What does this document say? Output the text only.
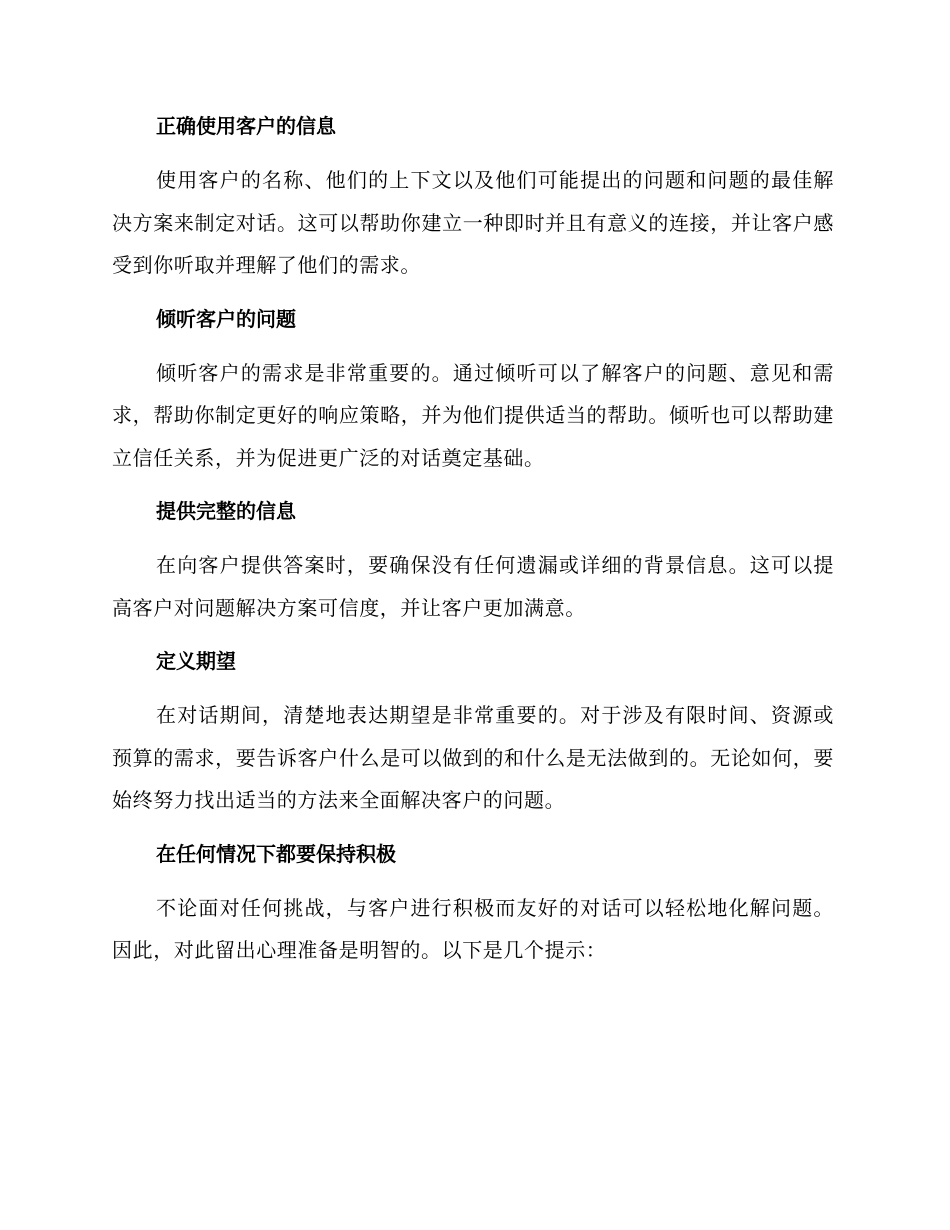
正确使用客户的信息

使用客户的名称、他们的上下文以及他们可能提出的问题和问题的最佳解决方案来制定对话。这可以帮助你建立一种即时并且有意义的连接，并让客户感受到你听取并理解了他们的需求。

倾听客户的问题

倾听客户的需求是非常重要的。通过倾听可以了解客户的问题、意见和需求，帮助你制定更好的响应策略，并为他们提供适当的帮助。倾听也可以帮助建立信任关系，并为促进更广泛的对话奠定基础。

提供完整的信息

在向客户提供答案时，要确保没有任何遗漏或详细的背景信息。这可以提高客户对问题解决方案可信度，并让客户更加满意。

定义期望

在对话期间，清楚地表达期望是非常重要的。对于涉及有限时间、资源或预算的需求，要告诉客户什么是可以做到的和什么是无法做到的。无论如何，要始终努力找出适当的方法来全面解决客户的问题。

在任何情况下都要保持积极

不论面对任何挑战，与客户进行积极而友好的对话可以轻松地化解问题。因此，对此留出心理准备是明智的。以下是几个提示：
